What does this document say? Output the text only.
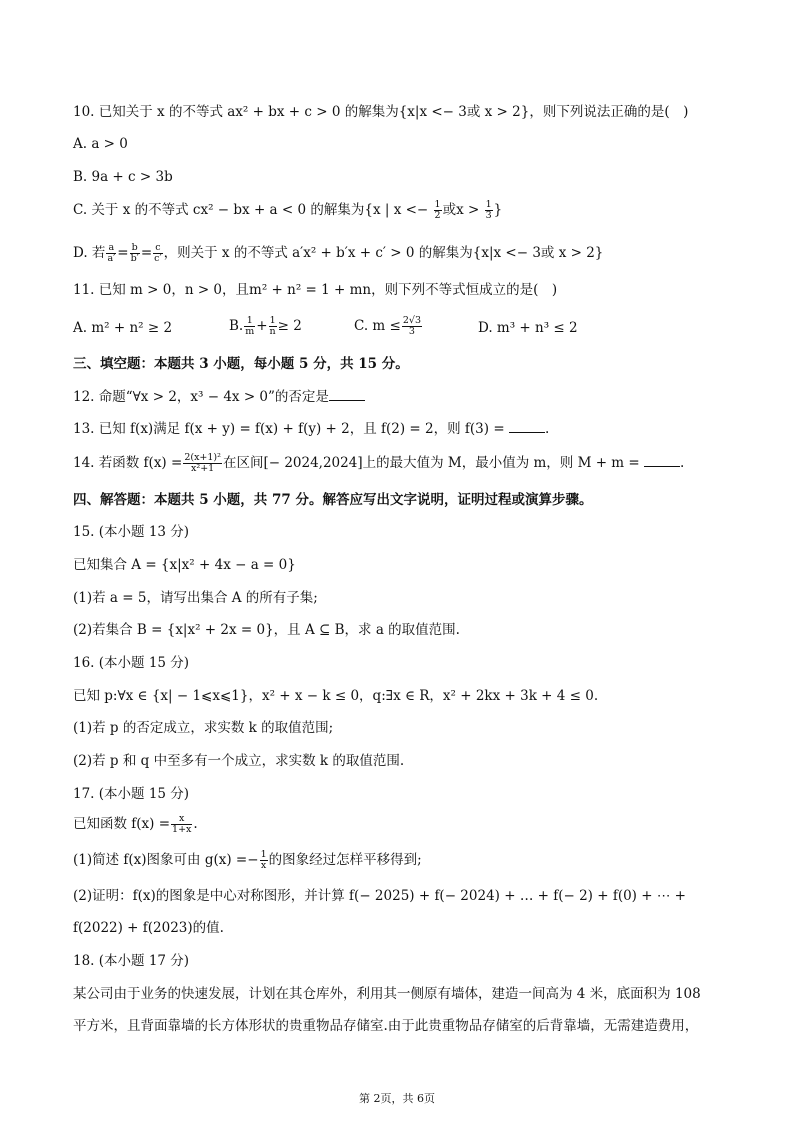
10. 已知关于 x 的不等式 ax² + bx + c > 0 的解集为{x|x <− 3或 x > 2}，则下列说法正确的是(　)
A. a > 0
B. 9a + c > 3b
C. 关于 x 的不等式 cx² − bx + a < 0 的解集为{x | $x <- \frac{1}{2}$ 或$x > \frac{1}{3}$ }
D. 若 $\frac{a}{a'} = \frac{b}{b'} = \frac{c}{c'}$ ，则关于 x 的不等式 a′x² + b′x + c′ > 0 的解集为{x|x <− 3或 x > 2}
11. 已知 m > 0，n > 0，且m² + n² = 1 + mn，则下列不等式恒成立的是(　)
A. m² + n² ≥ 2	B. $\frac{1}{m} + \frac{1}{n} \ge 2$	C. $m \le \frac{2√3}{3}$	D. m³ + n³ ≤ 2
三、填空题：本题共 3 小题，每小题 5 分，共 15 分。
12. 命题“∀x > 2，x³ − 4x > 0”的否定是
13. 已知 f(x)满足 f(x + y) = f(x) + f(y) + 2，且 f(2) = 2，则 f(3) =	.
14. 若函数 $f(x) = \frac{\text{2(x+1)²}}{\text{x²+1}}$ 在区间[− 2024,2024]上的最大值为 M，最小值为 m，则 M + m =	.
四、解答题：本题共 5 小题，共 77 分。解答应写出文字说明，证明过程或演算步骤。
15. (本小题 13 分)
已知集合 A = {x|x² + 4x − a = 0}
(1)若 a = 5，请写出集合 A 的所有子集;
(2)若集合 B = {x|x² + 2x = 0}，且 A ⊆ B，求 a 的取值范围.
16. (本小题 15 分)
已知 p:∀x ∈ {x| − 1⩽x⩽1}，x² + x − k ≤ 0，q:∃x ∈ R，x² + 2kx + 3k + 4 ≤ 0.
(1)若 p 的否定成立，求实数 k 的取值范围;
(2)若 p 和 q 中至多有一个成立，求实数 k 的取值范围.
17. (本小题 15 分)
已知函数 $f(x) = \frac{x}{1+x}$ .
(1)简述 f(x)图象可由 $g(x) =- \frac{1}{x}$ 的图象经过怎样平移得到;
(2)证明：f(x)的图象是中心对称图形，并计算 f(− 2025) + f(− 2024) + … + f(− 2) + f(0) + ⋯ +
f(2022) + f(2023)的值.
18. (本小题 17 分)
某公司由于业务的快速发展，计划在其仓库外，利用其一侧原有墙体，建造一间高为 4 米，底面积为 108
平方米，且背面靠墙的长方体形状的贵重物品存储室.由于此贵重物品存储室的后背靠墙，无需建造费用，
第 2页，共 6页
